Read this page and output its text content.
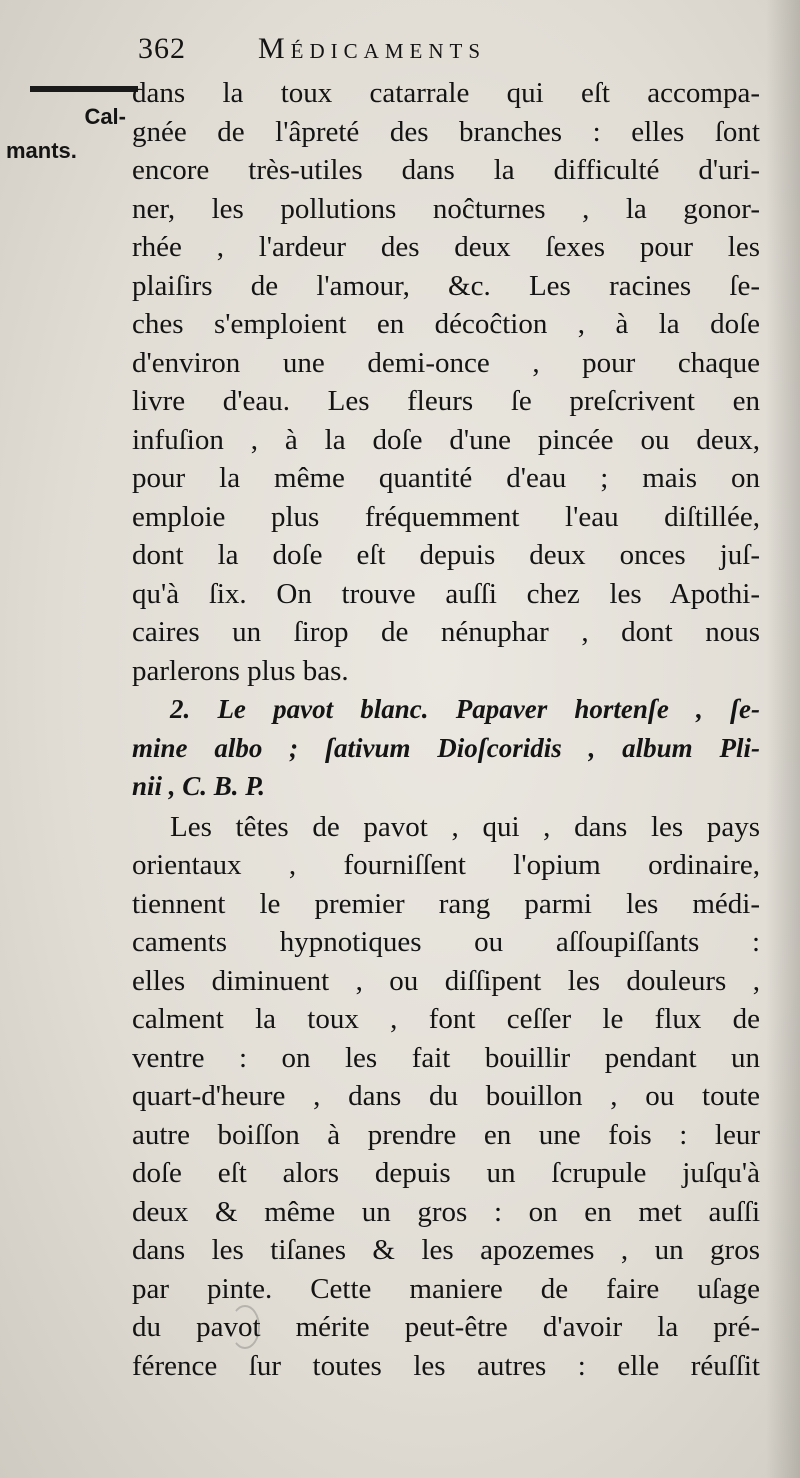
362 Médicaments
Cal-
mants.
dans la toux catarrale qui eſt accompa-
gnée de l'âpreté des branches : elles ſont
encore très-utiles dans la difficulté d'uri-
ner, les pollutions noĉturnes , la gonor-
rhée , l'ardeur des deux ſexes pour les
plaiſirs de l'amour, &c. Les racines ſe-
ches s'emploient en décoĉtion , à la doſe
d'environ une demi-once , pour chaque
livre d'eau. Les fleurs ſe preſcrivent en
infuſion , à la doſe d'une pincée ou deux,
pour la même quantité d'eau ; mais on
emploie plus fréquemment l'eau diſtillée,
dont la doſe eſt depuis deux onces juſ-
qu'à ſix. On trouve auſſi chez les Apothi-
caires un ſirop de nénuphar , dont nous
parlerons plus bas.
2. Le pavot blanc. Papaver hortenſe , ſe-
mine albo ; ſativum Dioſcoridis , album Pli-
nii , C. B. P.
Les têtes de pavot , qui , dans les pays
orientaux , fourniſſent l'opium ordinaire,
tiennent le premier rang parmi les médi-
caments hypnotiques ou aſſoupiſſants :
elles diminuent , ou diſſipent les douleurs ,
calment la toux , font ceſſer le flux de
ventre : on les fait bouillir pendant un
quart-d'heure , dans du bouillon , ou toute
autre boiſſon à prendre en une fois : leur
doſe eſt alors depuis un ſcrupule juſqu'à
deux & même un gros : on en met auſſi
dans les tiſanes & les apozemes , un gros
par pinte. Cette maniere de faire uſage
du pavot mérite peut-être d'avoir la pré-
férence ſur toutes les autres : elle réuſſit
